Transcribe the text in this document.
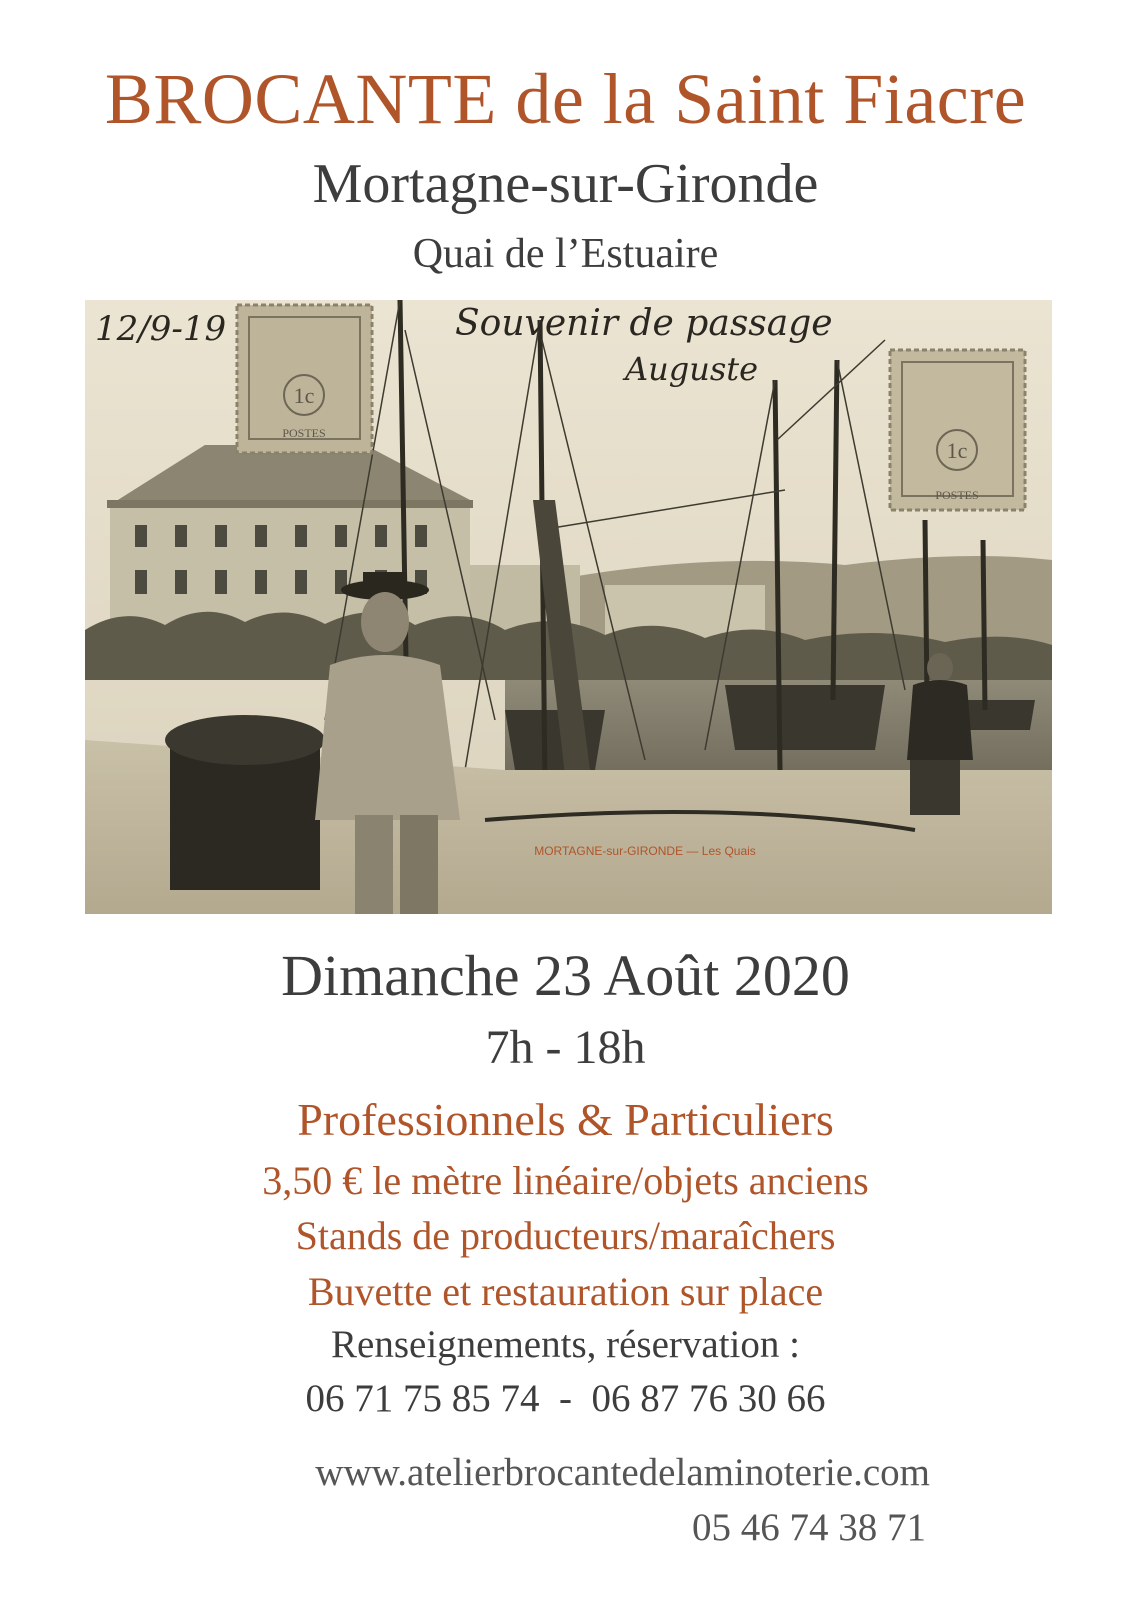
BROCANTE de la Saint Fiacre
Mortagne-sur-Gironde
Quai de l’Estuaire
1c
POSTES
1c
POSTES
12/9-19	Souvenir de passage
Auguste
MORTAGNE-sur-GIRONDE — Les Quais
Dimanche 23 Août 2020
7h - 18h
Professionnels & Particuliers
3,50 € le mètre linéaire/objets anciens
Stands de producteurs/maraîchers
Buvette et restauration sur place
Renseignements, réservation :
06 71 75 85 74  -  06 87 76 30 66
www.atelierbrocantedelaminoterie.com
05 46 74 38 71
